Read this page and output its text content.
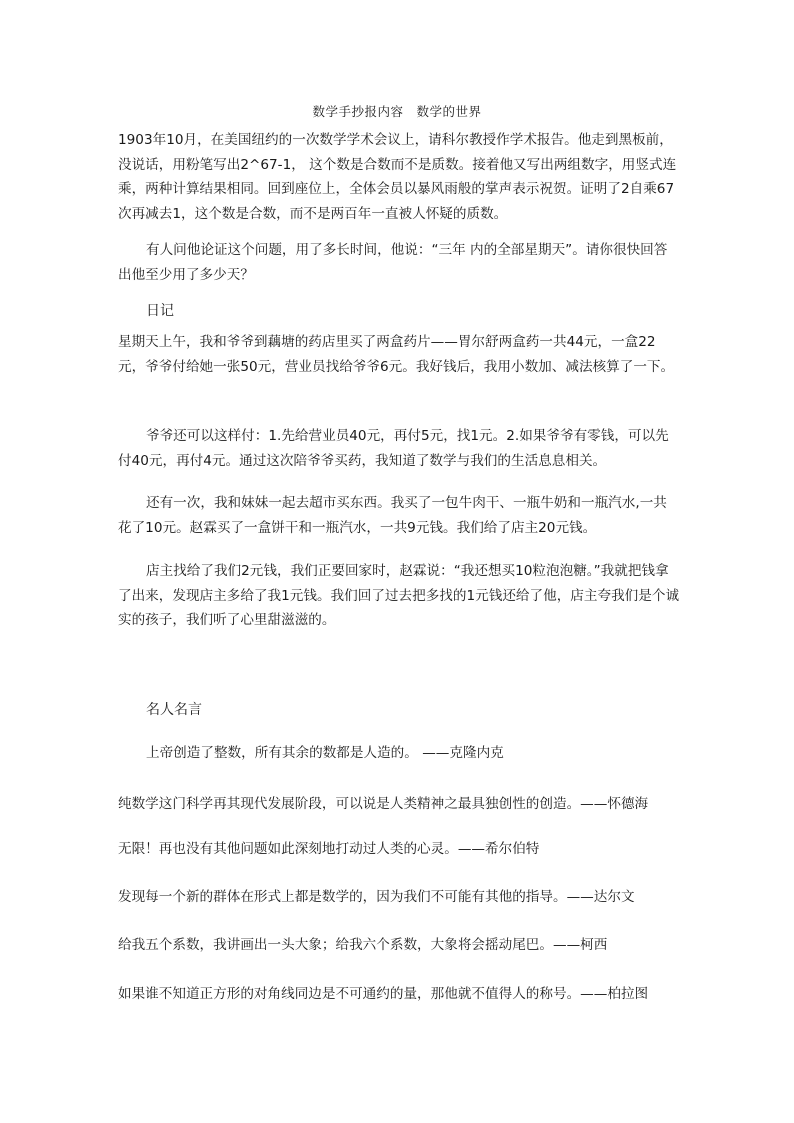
数学手抄报内容　数学的世界

1903年10月，在美国纽约的一次数学学术会议上，请科尔教授作学术报告。他走到黑板前，没说话，用粉笔写出2^67-1， 这个数是合数而不是质数。接着他又写出两组数字，用竖式连乘，两种计算结果相同。回到座位上，全体会员以暴风雨般的掌声表示祝贺。证明了2自乘67次再减去1，这个数是合数，而不是两百年一直被人怀疑的质数。

有人问他论证这个问题，用了多长时间，他说：“三年 内的全部星期天”。请你很快回答出他至少用了多少天？

日记

星期天上午，我和爷爷到藕塘的药店里买了两盒药片——胃尔舒两盒药一共44元，一盒22元，爷爷付给她一张50元，营业员找给爷爷6元。我好钱后，我用小数加、减法核算了一下。

爷爷还可以这样付：1.先给营业员40元，再付5元，找1元。2.如果爷爷有零钱，可以先付40元，再付4元。通过这次陪爷爷买药，我知道了数学与我们的生活息息相关。

还有一次，我和妹妹一起去超市买东西。我买了一包牛肉干、一瓶牛奶和一瓶汽水,一共花了10元。赵霖买了一盒饼干和一瓶汽水，一共9元钱。我们给了店主20元钱。

店主找给了我们2元钱，我们正要回家时，赵霖说：“我还想买10粒泡泡糖。”我就把钱拿了出来，发现店主多给了我1元钱。我们回了过去把多找的1元钱还给了他，店主夸我们是个诚实的孩子，我们听了心里甜滋滋的。

名人名言
上帝创造了整数，所有其余的数都是人造的。 ——克隆内克
纯数学这门科学再其现代发展阶段，可以说是人类精神之最具独创性的创造。——怀德海
无限！再也没有其他问题如此深刻地打动过人类的心灵。——希尔伯特
发现每一个新的群体在形式上都是数学的，因为我们不可能有其他的指导。——达尔文
给我五个系数，我讲画出一头大象；给我六个系数，大象将会摇动尾巴。——柯西
如果谁不知道正方形的对角线同边是不可通约的量，那他就不值得人的称号。——柏拉图
